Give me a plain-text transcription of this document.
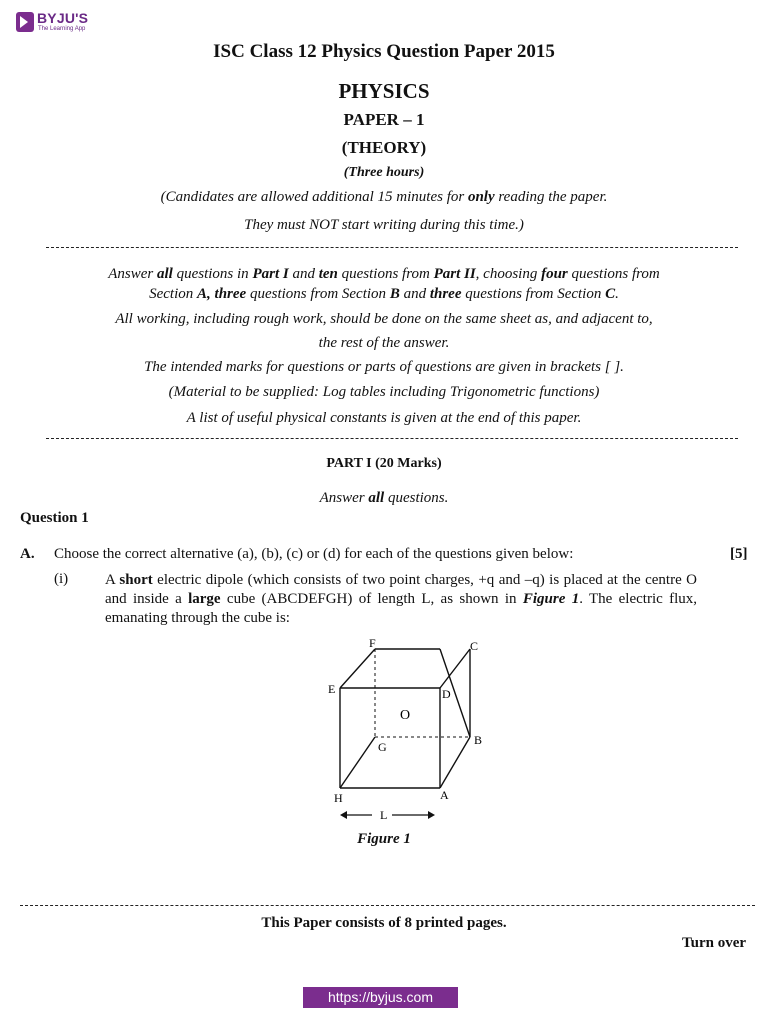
BYJU'S
The Learning App
ISC Class 12 Physics Question Paper 2015
PHYSICS
PAPER – 1
(THEORY)
(Three hours)
(Candidates are allowed additional 15 minutes for only reading the paper.
They must NOT start writing during this time.)
Answer all questions in Part I and ten questions from Part II, choosing four questions from
Section A, three questions from Section B and three questions from Section C.
All working, including rough work, should be done on the same sheet as, and adjacent to,
the rest of the answer.
The intended marks for questions or parts of questions are given in brackets [ ].
(Material to be supplied: Log tables including Trigonometric functions)
A list of useful physical constants is given at the end of this paper.
PART I (20 Marks)
Answer all questions.
Question 1
A. Choose the correct alternative (a), (b), (c) or (d) for each of the questions given below:	[5]
(i) A short electric dipole (which consists of two point charges, +q and –q) is placed at the centre O and inside a large cube (ABCDEFGH) of length L, as shown in Figure 1. The electric flux, emanating through the cube is:
F	C
E	D
O
G	B
H	A
L
Figure 1
This Paper consists of 8 printed pages.
Turn over
https://byjus.com
